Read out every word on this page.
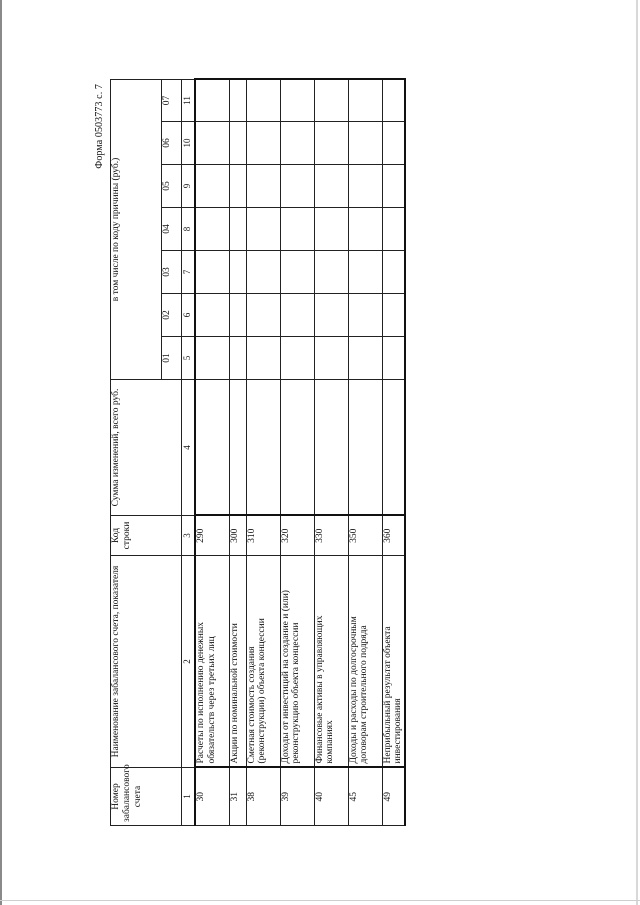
Форма 0503773 с. 7
Номер забалансового счета	Наименование забалансового счета, показателя	Код строки	Сумма изменений, всего руб.	в том числе по коду причины (руб.)						
				01	02	03	04	05	06	07
1	2	3	4	5	6	7	8	9	10	11
30	Расчеты по исполнению денежных обязательств через третьих лиц	290								
31	Акции по номинальной стоимости	300								
38	Сметная стоимость создания (реконструкции) объекта концессии	310								
39	Доходы от инвестиций на создание и (или) реконструкцию объекта концессии	320								
40	Финансовые активы в управляющих компаниях	330								
45	Доходы и расходы по долгосрочным договорам строительного подряда	350								
49	Неприбыльный результат объекта инвестирования	360								
